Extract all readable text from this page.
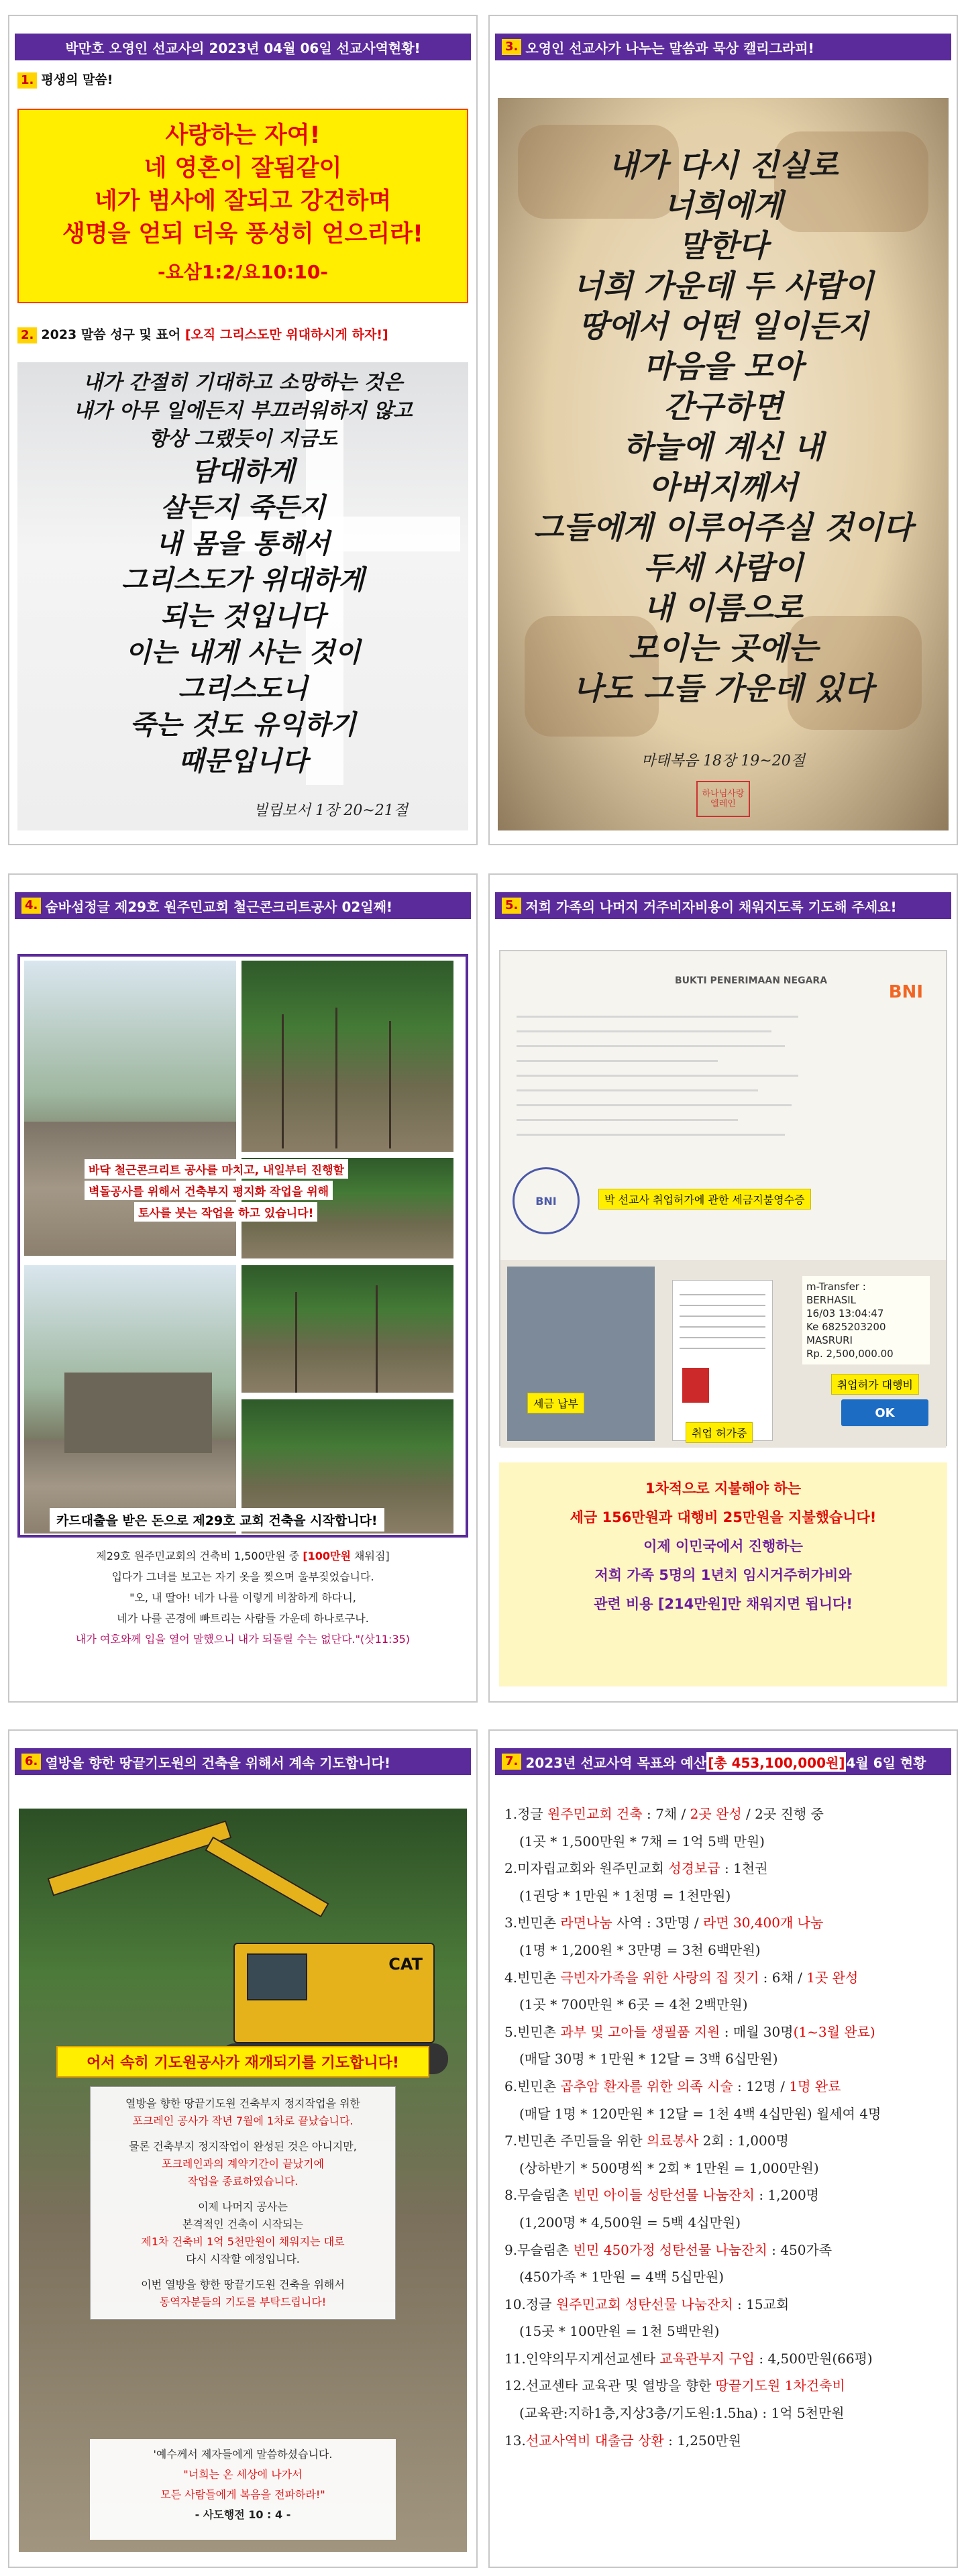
박만호 오영인 선교사의 2023년 04월 06일 선교사역현황!
1. 평생의 말씀!
사랑하는 자여!
네 영혼이 잘됨같이
네가 범사에 잘되고 강건하며
생명을 얻되 더욱 풍성히 얻으리라!
-요삼1:2/요10:10-
2. 2023 말씀 성구 및 표어 [오직 그리스도만 위대하시게 하자!]
내가 간절히 기대하고 소망하는 것은
내가 아무 일에든지 부끄러워하지 않고
항상 그랬듯이 지금도
담대하게
살든지 죽든지
내 몸을 통해서
그리스도가 위대하게
되는 것입니다
이는 내게 사는 것이
그리스도니
죽는 것도 유익하기
때문입니다
빌립보서 1장 20~21절
3. 오영인 선교사가 나누는 말씀과 묵상 캘리그라피!
내가 다시 진실로
너희에게
말한다
너희 가운데 두 사람이
땅에서 어떤 일이든지
마음을 모아
간구하면
하늘에 계신 내
아버지께서
그들에게 이루어주실 것이다
두세 사람이
내 이름으로
모이는 곳에는
나도 그들 가운데 있다
마태복음 18장 19~20절
하나님사랑 엘레인
4. 숨바섬정글 제29호 원주민교회 철근콘크리트공사 02일째!
바닥 철근콘크리트 공사를 마치고, 내일부터 진행할
벽돌공사를 위해서 건축부지 평지화 작업을 위해
토사를 붓는 작업을 하고 있습니다!
카드대출을 받은 돈으로 제29호 교회 건축을 시작합니다!
제29호 원주민교회의 건축비 1,500만원 중 [100만원 채워짐]
입다가 그녀를 보고는 자기 옷을 찢으며 울부짖었습니다.
"오, 내 딸아! 네가 나를 이렇게 비참하게 하다니,
네가 나를 곤경에 빠트리는 사람들 가운데 하나로구나.
내가 여호와께 입을 열어 말했으니 내가 되돌릴 수는 없단다."(삿11:35)
5. 저희 가족의 나머지 거주비자비용이 채워지도록 기도해 주세요!
BUKTI PENERIMAAN NEGARA
BNI
BNI	박 선교사 취업허가에 관한 세금지불영수증
m-Transfer :
BERHASIL
16/03 13:04:47
Ke 6825203200
MASRURI
Rp. 2,500,000.00
취업허가 대행비
세금 납부
취업 허가증
OK
1차적으로 지불해야 하는
세금 156만원과 대행비 25만원을 지불했습니다!
이제 이민국에서 진행하는
저희 가족 5명의 1년치 임시거주허가비와
관련 비용 [214만원]만 채워지면 됩니다!
6. 열방을 향한 땅끝기도원의 건축을 위해서 계속 기도합니다!
CAT
어서 속히 기도원공사가 재개되기를 기도합니다!
열방을 향한 땅끝기도원 건축부지 정지작업을 위한
포크레인 공사가 작년 7월에 1차로 끝났습니다.
물론 건축부지 정지작업이 완성된 것은 아니지만,
포크레인과의 계약기간이 끝났기에
작업을 종료하였습니다.
이제 나머지 공사는
본격적인 건축이 시작되는
제1차 건축비 1억 5천만원이 채워지는 대로
다시 시작할 예정입니다.
이번 열방을 향한 땅끝기도원 건축을 위해서
동역자분들의 기도를 부탁드립니다!
'예수께서 제자들에게 말씀하셨습니다.
"너희는 온 세상에 나가서
모든 사람들에게 복음을 전파하라!"
- 사도행전 10 : 4 -
7. 2023년 선교사역 목표와 예산 [총 453,100,000원] 4월 6일 현황
1.정글 원주민교회 건축 : 7채 / 2곳 완성 / 2곳 진행 중
(1곳 * 1,500만원 * 7채 = 1억 5백 만원)
2.미자립교회와 원주민교회 성경보급 : 1천권
(1권당 * 1만원 * 1천명 = 1천만원)
3.빈민촌 라면나눔 사역 : 3만명 / 라면 30,400개 나눔
(1명 * 1,200원 * 3만명 = 3천 6백만원)
4.빈민촌 극빈자가족을 위한 사랑의 집 짓기 : 6채 / 1곳 완성
(1곳 * 700만원 * 6곳 = 4천 2백만원)
5.빈민촌 과부 및 고아들 생필품 지원 : 매월 30명(1~3월 완료)
(매달 30명 * 1만원 * 12달 = 3백 6십만원)
6.빈민촌 곱추암 환자를 위한 의족 시술 : 12명 / 1명 완료
(매달 1명 * 120만원 * 12달 = 1천 4백 4십만원) 월세여 4명
7.빈민촌 주민들을 위한 의료봉사 2회 : 1,000명
(상하반기 * 500명씩 * 2회 * 1만원 = 1,000만원)
8.무슬림촌 빈민 아이들 성탄선물 나눔잔치 : 1,200명
(1,200명 * 4,500원 = 5백 4십만원)
9.무슬림촌 빈민 450가정 성탄선물 나눔잔치 : 450가족
(450가족 * 1만원 = 4백 5십만원)
10.정글 원주민교회 성탄선물 나눔잔치 : 15교회
(15곳 * 100만원 = 1천 5백만원)
11.인약의무지게선교센타 교육관부지 구입 : 4,500만원(66평)
12.선교센타 교육관 및 열방을 향한 땅끝기도원 1차건축비
(교육관:지하1층,지상3층/기도원:1.5ha) : 1억 5천만원
13.선교사역비 대출금 상환 : 1,250만원
